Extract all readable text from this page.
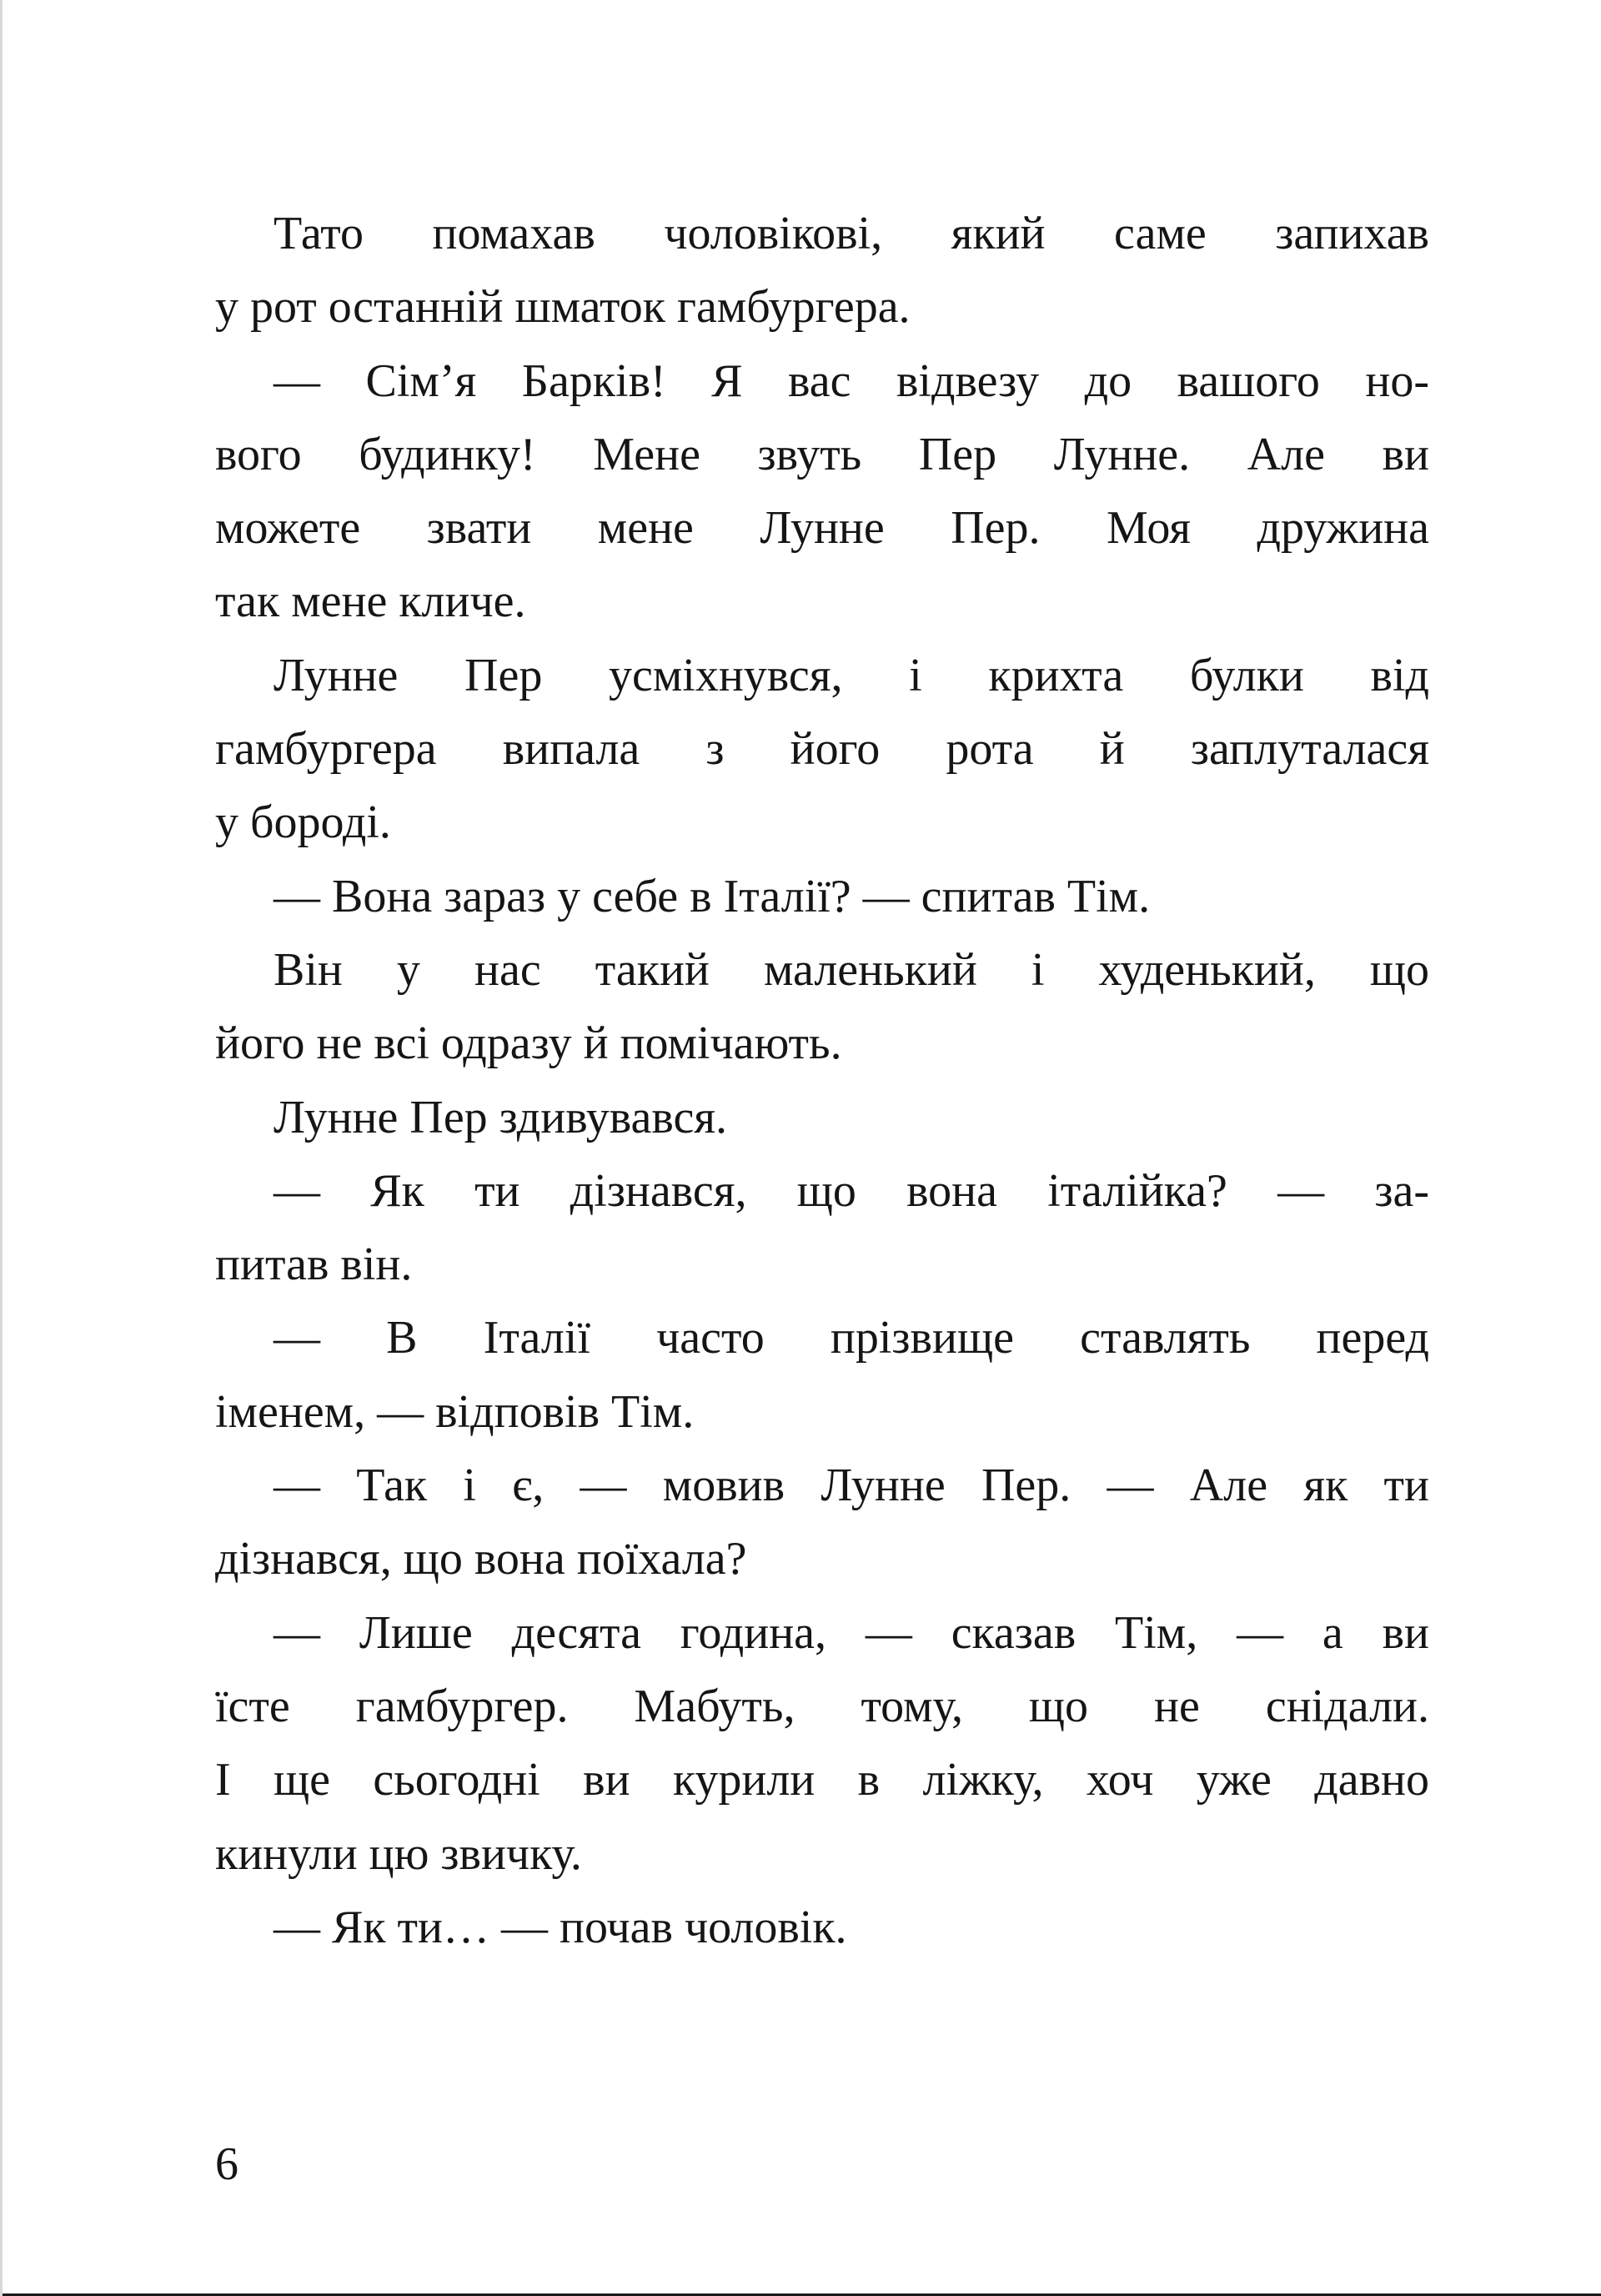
Тато помахав чоловікові, який саме запихав
у рот останній шматок гамбургера.
— Сім’я Барків! Я вас відвезу до вашого но-
вого будинку! Мене звуть Пер Лунне. Але ви
можете звати мене Лунне Пер. Моя дружина
так мене кличе.
Лунне Пер усміхнувся, і крихта булки від
гамбургера випала з його рота й заплуталася
у бороді.
— Вона зараз у себе в Італії? — спитав Тім.
Він у нас такий маленький і худенький, що
його не всі одразу й помічають.
Лунне Пер здивувався.
— Як ти дізнався, що вона італійка? — за-
питав він.
— В Італії часто прізвище ставлять перед
іменем, — відповів Тім.
— Так і є, — мовив Лунне Пер. — Але як ти
дізнався, що вона поїхала?
— Лише десята година, — сказав Тім, — а ви
їсте гамбургер. Мабуть, тому, що не снідали.
І ще сьогодні ви курили в ліжку, хоч уже давно
кинули цю звичку.
— Як ти… — почав чоловік.
6
